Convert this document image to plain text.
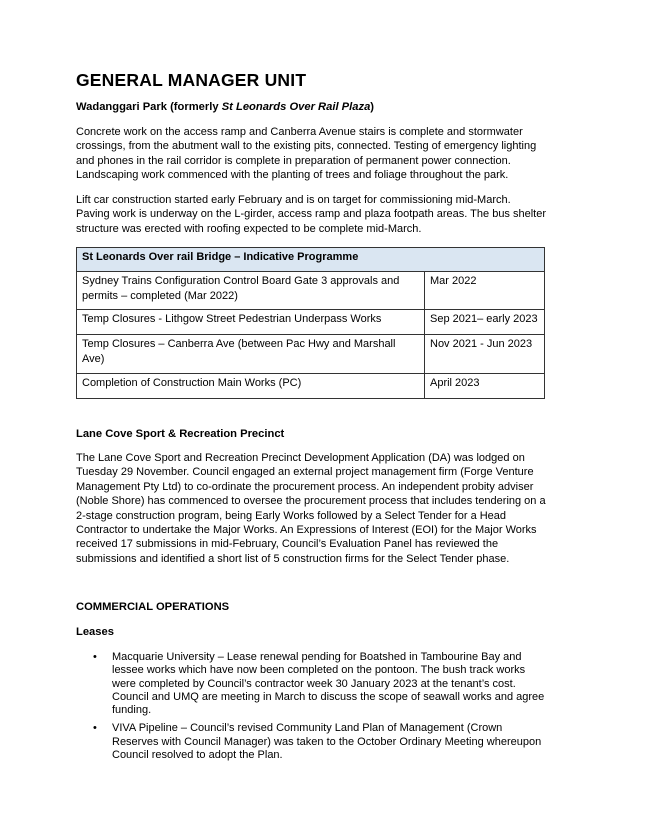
GENERAL MANAGER UNIT

Wadanggari Park (formerly St Leonards Over Rail Plaza)

Concrete work on the access ramp and Canberra Avenue stairs is complete and stormwater crossings, from the abutment wall to the existing pits, connected. Testing of emergency lighting and phones in the rail corridor is complete in preparation of permanent power connection. Landscaping work commenced with the planting of trees and foliage throughout the park.

Lift car construction started early February and is on target for commissioning mid-March. Paving work is underway on the L-girder, access ramp and plaza footpath areas. The bus shelter structure was erected with roofing expected to be complete mid-March.

St Leonards Over rail Bridge – Indicative Programme	
Sydney Trains Configuration Control Board Gate 3 approvals and permits – completed (Mar 2022)	Mar 2022
Temp Closures - Lithgow Street Pedestrian Underpass Works	Sep 2021– early 2023
Temp Closures – Canberra Ave (between Pac Hwy and Marshall Ave)	Nov 2021 - Jun 2023
Completion of Construction Main Works (PC)	April 2023

Lane Cove Sport & Recreation Precinct

The Lane Cove Sport and Recreation Precinct Development Application (DA) was lodged on Tuesday 29 November. Council engaged an external project management firm (Forge Venture Management Pty Ltd) to co-ordinate the procurement process. An independent probity adviser (Noble Shore) has commenced to oversee the procurement process that includes tendering on a 2-stage construction program, being Early Works followed by a Select Tender for a Head Contractor to undertake the Major Works. An Expressions of Interest (EOI) for the Major Works received 17 submissions in mid-February, Council’s Evaluation Panel has reviewed the submissions and identified a short list of 5 construction firms for the Select Tender phase.

COMMERCIAL OPERATIONS

Leases

• Macquarie University – Lease renewal pending for Boatshed in Tambourine Bay and lessee works which have now been completed on the pontoon. The bush track works were completed by Council’s contractor week 30 January 2023 at the tenant’s cost. Council and UMQ are meeting in March to discuss the scope of seawall works and agree funding.
• VIVA Pipeline – Council’s revised Community Land Plan of Management (Crown Reserves with Council Manager) was taken to the October Ordinary Meeting whereupon Council resolved to adopt the Plan.
